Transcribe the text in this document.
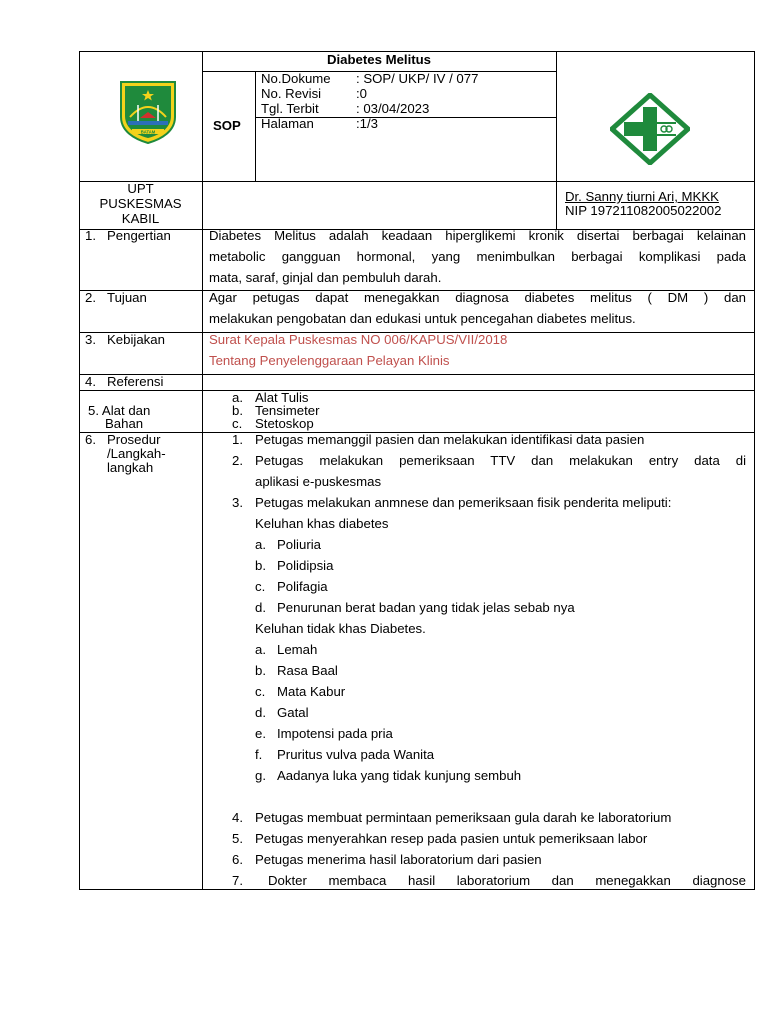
Diabetes Melitus
SOP
No.Dokume : SOP/ UKP/ IV / 077
No. Revisi	:0
Tgl. Terbit	: 03/04/2023
Halaman	:1/3
BATAM
UPT
PUSKESMAS
KABIL
Dr. Sanny tiurni Ari, MKKK
NIP 197211082005022002
1. Pengertian	Diabetes Melitus adalah keadaan hiperglikemi kronik disertai berbagai kelainan
metabolic gangguan hormonal, yang menimbulkan berbagai komplikasi pada
mata, saraf, ginjal dan pembuluh darah.
2. Tujuan	Agar petugas dapat menegakkan diagnosa diabetes melitus ( DM ) dan
melakukan pengobatan dan edukasi untuk pencegahan diabetes melitus.
3. Kebijakan	Surat Kepala Puskesmas NO 006/KAPUS/VII/2018
Tentang Penyelenggaraan Pelayan Klinis
4. Referensi
5. Alat dan
Bahan
a. Alat Tulis
b. Tensimeter
c. Stetoskop
6. Prosedur
/Langkah-
langkah
1. Petugas memanggil pasien dan melakukan identifikasi data pasien
2. Petugas melakukan pemeriksaan TTV dan melakukan entry data di
aplikasi e-puskesmas
3. Petugas melakukan anmnese dan pemeriksaan fisik penderita meliputi:
Keluhan khas diabetes
a. Poliuria
b. Polidipsia
c. Polifagia
d. Penurunan berat badan yang tidak jelas sebab nya
Keluhan tidak khas Diabetes.
a. Lemah
b. Rasa Baal
c. Mata Kabur
d. Gatal
e. Impotensi pada pria
f. Pruritus vulva pada Wanita
g. Aadanya luka yang tidak kunjung sembuh
4. Petugas membuat permintaan pemeriksaan gula darah ke laboratorium
5. Petugas menyerahkan resep pada pasien untuk pemeriksaan labor
6. Petugas menerima hasil laboratorium dari pasien
7. Dokter membaca hasil laboratorium dan menegakkan diagnose
